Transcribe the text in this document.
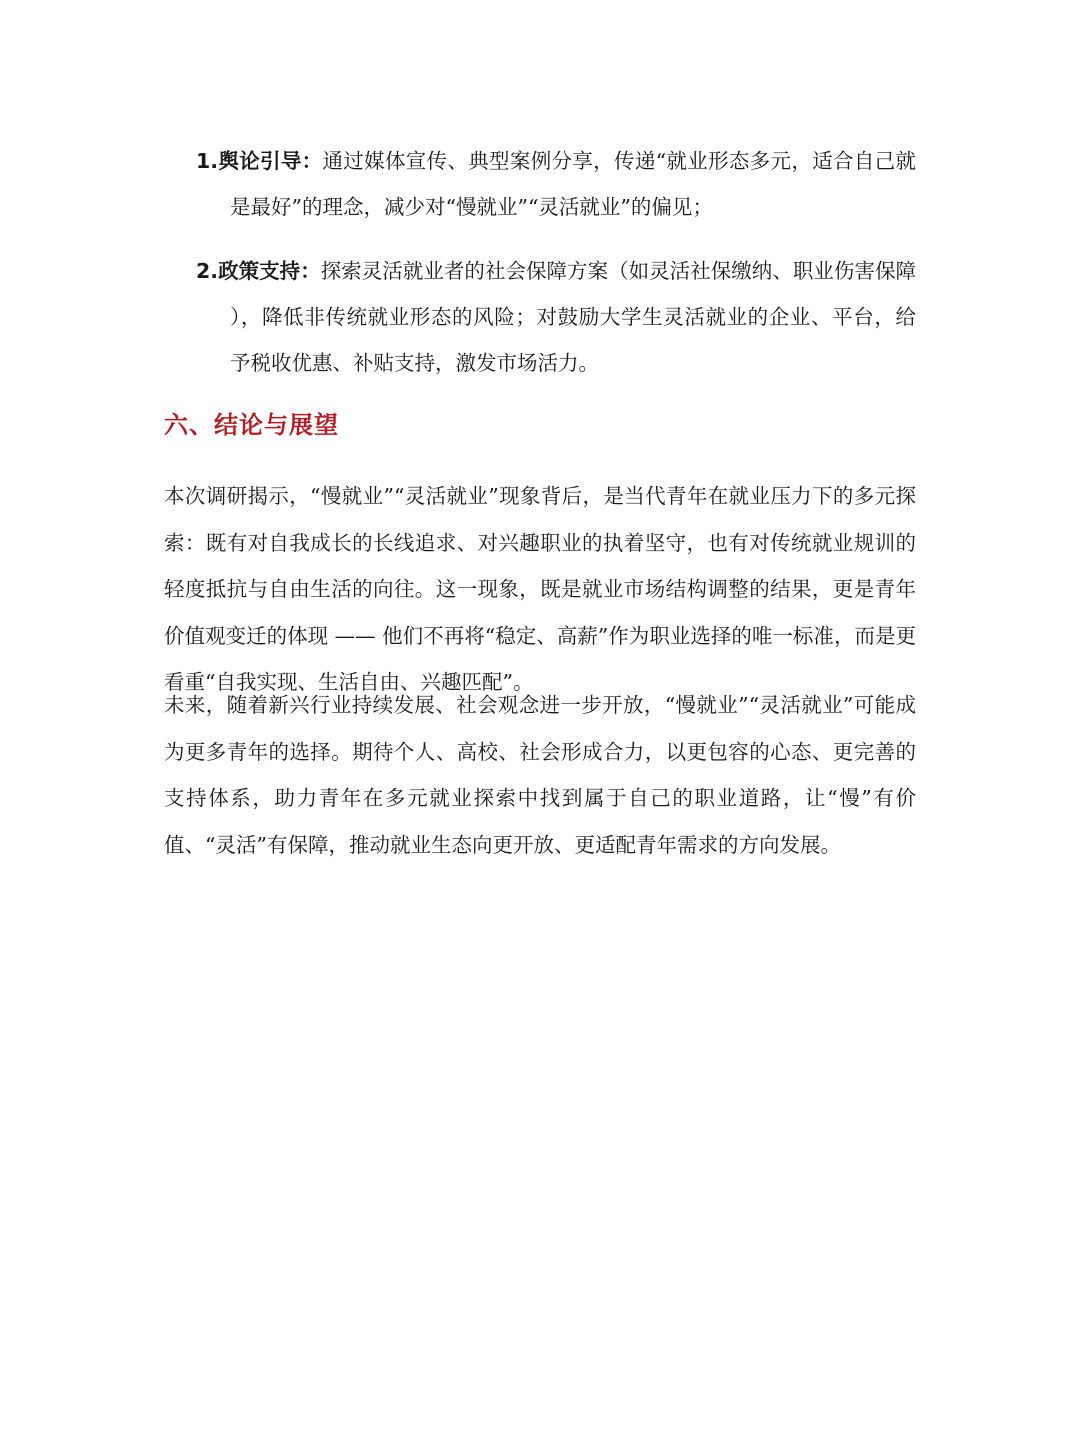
1.舆论引导：通过媒体宣传、典型案例分享，传递“就业形态多元，适合自己就是最好”的理念，减少对“慢就业”“灵活就业”的偏见；
2.政策支持：探索灵活就业者的社会保障方案（如灵活社保缴纳、职业伤害保障 ），降低非传统就业形态的风险；对鼓励大学生灵活就业的企业、平台，给予税收优惠、补贴支持，激发市场活力。
六、结论与展望
本次调研揭示，“慢就业”“灵活就业”现象背后，是当代青年在就业压力下的多元探索：既有对自我成长的长线追求、对兴趣职业的执着坚守，也有对传统就业规训的轻度抵抗与自由生活的向往。这一现象，既是就业市场结构调整的结果，更是青年价值观变迁的体现 —— 他们不再将“稳定、高薪”作为职业选择的唯一标准，而是更看重“自我实现、生活自由、兴趣匹配”。
未来，随着新兴行业持续发展、社会观念进一步开放，“慢就业”“灵活就业”可能成为更多青年的选择。期待个人、高校、社会形成合力，以更包容的心态、更完善的支持体系，助力青年在多元就业探索中找到属于自己的职业道路，让“慢”有价值、“灵活”有保障，推动就业生态向更开放、更适配青年需求的方向发展。
